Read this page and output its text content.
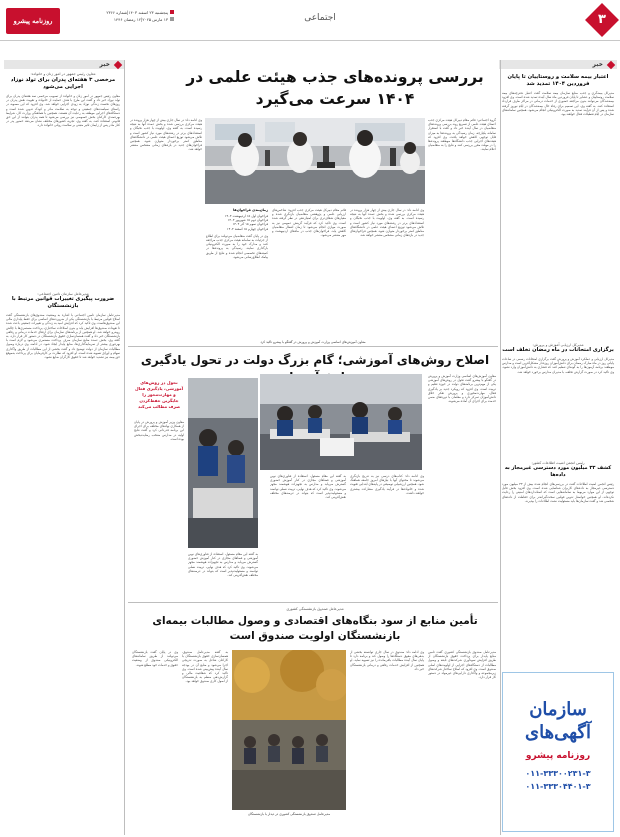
۳
اجتماعی
روزنامه پیشرو
پنجشنبه ۲۳ اسفند ۱۴۰۳|شماره ۲۳۶۶
۱۳ مارس ۲۰۲۵|۱۲ رمضان ۱۴۴۶
خبر
اعتبار بیمه سلامت و روستاییان تا پایان فروردین ۱۴۰۴ تمدید شد
مدیرکل بیمه‌گری و جذب منابع سازمان بیمه سلامت گفت اعتبار دفترچه‌های بیمه سلامت روستاییان و عشایر تا پایان فروردین ماه سال آینده تمدید شده است. وی افزود بیمه‌شدگان می‌توانند بدون مراجعه حضوری از خدمات درمانی در مراکز طرف قرارداد استفاده کنند. به گفته وی، این تصمیم برای رفاه حال بیمه‌شدگان در ایام نوروز گرفته شده و پس از آن فرآیند تمدید به صورت الکترونیکی انجام می‌شود. همچنین سامانه‌های سازمان در ایام تعطیلات فعال خواهند بود.
مدیرکل ارزیابی آموزش و پرورش:
برگزاری امتحانات در ماه رمضان تخلف است
مدیرکل ارزیابی و عملکرد آموزش و پرورش گفت برگزاری امتحانات رسمی در ساعات پایانی روز در ماه مبارک رمضان برای دانش‌آموزان روزه‌دار مشکل‌آفرین است و مدارس موظفند برنامه آزمون‌ها را به گونه‌ای تنظیم کنند که فشاری به دانش‌آموزان وارد نشود. وی تاکید کرد در صورت گزارش تخلف، با مدیران مدارس برخورد خواهد شد.
رئیس انجمن امنیت اطلاعات کشور:
کشف ۳۳ میلیون مورد دسترسی غیرمجاز به داده‌ها
رئیس انجمن امنیت اطلاعات گفت در بررسی‌های انجام شده بیش از ۳۳ میلیون مورد دسترسی غیرمجاز به داده‌های کاربران شناسایی شده است. وی افزود بخش قابل توجهی از این موارد مربوط به سامانه‌هایی است که استانداردهای امنیتی را رعایت نکرده‌اند. او همچنین خواستار تدوین قوانین سخت‌گیرانه‌تر برای حفاظت از داده‌های شخصی شد و گفت سازمان‌ها باید مسئولیت نشت اطلاعات را بپذیرند.
سازمان
آگهی‌های
روزنامه پیشرو
۰۱۱-۳۳۳۰۰۲۳۱-۳
۰۱۱-۳۳۳۰۴۴۰۱-۳
خبر
معاون رئیس جمهور در امور زنان و خانواده:
مرخصی ۳ هفته‌ای پدران برای تولد نوزاد اجرایی می‌شود
معاون رئیس جمهور در امور زنان و خانواده از تصویب مرخصی سه هفته‌ای پدران برای تولد نوزاد خبر داد و گفت این طرح با هدف حمایت از خانواده و تقویت نقش پدران در روزهای نخست زندگی نوزاد به زودی اجرایی خواهد شد. وی افزود که این مصوبه در راستای سیاست‌های جمعیتی و توجه به سلامت مادر و کودک تدوین شده است و دستگاه‌های اجرایی موظف به رعایت آن هستند. همچنین با هماهنگی وزارت کار، شرایط بهره‌مندی کارکنان بخش خصوصی نیز بررسی می‌شود تا همه پدران بتوانند از این حق قانونی استفاده کنند. به گفته وی، تجربه کشورهای مختلف نشان می‌دهد حضور پدر در کنار مادر پس از زایمان تاثیر مثبتی بر سلامت روانی خانواده دارد.
مدیرعامل سازمان تامین اجتماعی:
ضرورت پیگیری تغییرات قوانین مرتبط با بازنشستگان
مدیرعامل سازمان تامین اجتماعی با اشاره به وضعیت صندوق‌های بازنشستگی گفت اصلاح قوانین مرتبط با بازنشستگی یکی از ضرورت‌های اساسی برای حفظ پایداری مالی این صندوق‌هاست. وی تاکید کرد که افزایش امید به زندگی و تغییرات جمعیتی باعث شده تا تعهدات صندوق‌ها افزایش یابد و بدون اصلاحات ساختاری، پرداخت مستمری‌ها با چالش روبه‌رو خواهد شد. او همچنین از برنامه‌های سازمان برای ارتقای خدمات درمانی و رفاهی بازنشستگان خبر داد و گفت همسان‌سازی حقوق بازنشستگان در دستور کار قرار دارد. به گفته وی، بخش عمده منابع سازمان صرف پرداخت مستمری می‌شود و لازم است با بهره‌وری بیشتر از سرمایه‌گذاری‌ها، منابع پایدار ایجاد شود. در ادامه، وی درباره وصول مطالبات سازمان از دولت توضیح داد و گفت بخشی از این مطالبات از طریق واگذاری سهام و اوراق تسویه شده است. او افزود که نظارت بر کارفرمایان برای پرداخت به‌موقع حق بیمه نیز تشدید خواهد شد تا حقوق کارگران ضایع نشود.
بررسی پرونده‌های جذب هیئت علمی در ۱۴۰۴ سرعت می‌گیرد
گروه اجتماعی: قائم مقام دبیرکل هیئت مرکزی جذب اعضای هیئت علمی از تسریع روند بررسی پرونده‌های متقاضیان در سال آینده خبر داد و گفت با استقرار سامانه یکپارچه، زمان رسیدگی به پرونده‌ها به میزان قابل توجهی کاهش خواهد یافت. وی افزود که هیئت‌های اجرایی جذب دانشگاه‌ها موظفند پرونده‌ها را در مهلت مقرر بررسی کنند و نتایج را به متقاضیان اعلام نمایند.
وی ادامه داد: در سال جاری بیش از چهار هزار پرونده در هیئت مرکزی بررسی شده و بخش عمده آنها به نتیجه رسیده است. به گفته وی، اولویت با جذب نخبگان و استعدادهای برتر در رشته‌های مورد نیاز کشور است و تلاش می‌شود توزیع اعضای هیئت علمی در دانشگاه‌های مناطق کمتر برخوردار متوازن شود. همچنین فراخوان‌های جدید در بازه‌های زمانی مشخص منتشر خواهد شد.
قائم مقام دبیرکل هیئت مرکزی جذب افزود: شاخص‌های ارزیابی علمی و پژوهشی متقاضیان بازنگری شده و معیارهای شفاف‌تری برای امتیازدهی در نظر گرفته شده است. وی تاکید کرد که فرآیند گزینش عمومی نیز به صورت موازی انجام می‌شود تا زمان انتظار متقاضیان کاهش یابد. فراخوان‌های جذب در ماه‌های اردیبهشت و مهر منتشر می‌شود.
زمان‌بندی فراخوان‌ها
فراخوان اول ۱۵ اردیبهشت ۱۴۰۴
فراخوان دوم ۱۵ شهریور ۱۴۰۴
فراخوان سوم ۱۵ آذر ۱۴۰۴
فراخوان چهارم ۱۵ اسفند ۱۴۰۴
وی در پایان گفت متقاضیان می‌توانند برای اطلاع از جزئیات به سامانه هیئت مرکزی جذب مراجعه کنند و مدارک خود را به صورت الکترونیکی بارگذاری نمایند. رسیدگی به پرونده‌ها در کمیته‌های تخصصی انجام شده و نتایج از طریق پیامک اطلاع‌رسانی می‌شود.
وی ادامه داد: در سال جاری بیش از چهار هزار پرونده در هیئت مرکزی بررسی شده و بخش عمده آنها به نتیجه رسیده است. به گفته وی، اولویت با جذب نخبگان و استعدادهای برتر در رشته‌های مورد نیاز کشور است و تلاش می‌شود توزیع اعضای هیئت علمی در دانشگاه‌های مناطق کمتر برخوردار متوازن شود. همچنین فراخوان‌های جدید در بازه‌های زمانی مشخص منتشر خواهد شد.
معاون آموزش‌های اساسی وزارت آموزش و پرورش در گفتگو با پیشرو تاکید کرد
اصلاح روش‌های آموزشی؛ گام بزرگ دولت در تحول یادگیری
معاون آموزش‌های اساسی وزارت آموزش و پرورش در گفتگو با پیشرو گفت تحول در روش‌های آموزشی یکی از مهم‌ترین برنامه‌های دولت در حوزه تعلیم و تربیت است. وی افزود که رویکرد جدید بر یادگیری فعال، مهارت‌محوری و پرورش تفکر خلاق دانش‌آموزان تمرکز دارد و معلمان با دوره‌های ضمن خدمت برای اجرای آن آماده می‌شوند.
وی ادامه داد: کتاب‌های درسی نیز به تدریج بازنگری می‌شوند تا محتوای آنها با نیازهای امروز جامعه هماهنگ شود. همچنین ارزشیابی توصیفی در پایه‌های ابتدایی تقویت شده و خانواده‌ها در فرآیند یادگیری مشارکت بیشتری خواهند داشت.
به گفته این مقام مسئول، استفاده از فناوری‌های نوین آموزشی و فضاهای مجازی در کنار آموزش حضوری گسترش می‌یابد و مدارس به تجهیزات هوشمند مجهز می‌شوند. وی تاکید کرد که هدف نهایی، تربیت نسلی توانمند و مسئولیت‌پذیر است که بتواند در عرصه‌های مختلف نقش‌آفرینی کند.
تحول در روش‌های آموزشی، یادگیری فعال و مهارت‌محور را جایگزین حفظ‌کردن صرف مطالب می‌کند
معاون وزیر آموزش و پرورش در پایان از همکاری نهادهای مختلف برای اجرای این برنامه قدردانی کرد و گفت نتایج اولیه در مدارس منتخب رضایت‌بخش بوده است.
به گفته این مقام مسئول، استفاده از فناوری‌های نوین آموزشی و فضاهای مجازی در کنار آموزش حضوری گسترش می‌یابد و مدارس به تجهیزات هوشمند مجهز می‌شوند. وی تاکید کرد که هدف نهایی، تربیت نسلی توانمند و مسئولیت‌پذیر است که بتواند در عرصه‌های مختلف نقش‌آفرینی کند.
مدیرعامل صندوق بازنشستگی کشوری
تأمین منابع از سود بنگاه‌های اقتصادی و وصول مطالبات بیمه‌ای بازنشستگان اولویت صندوق است
مدیرعامل صندوق بازنشستگی کشوری گفت تامین منابع پایدار برای پرداخت حقوق بازنشستگان از طریق افزایش سودآوری شرکت‌های تابعه و وصول مطالبات از دستگاه‌های اجرایی از اولویت‌های اصلی صندوق است. وی افزود که اصلاح ساختار شرکت‌های زیرمجموعه و واگذاری دارایی‌های غیرمولد در دستور کار قرار دارد.
وی ادامه داد: صندوق در سال جاری توانسته بخشی از بدهی‌های معوق دستگاه‌ها را وصول کند و برنامه دارد تا پایان سال آینده مطالبات باقی‌مانده را نیز تسویه نماید. او همچنین از افزایش خدمات رفاهی و درمانی بازنشستگان خبر داد.
مدیرعامل صندوق بازنشستگی کشوری در دیدار با بازنشستگان
به گفته مدیرعامل صندوق، همسان‌سازی حقوق بازنشستگان با کارکنان شاغل به صورت تدریجی اجرا می‌شود و منابع آن در بودجه سال آینده پیش‌بینی شده است. وی تاکید کرد که شفافیت مالی و گزارش‌دهی منظم به بازنشستگان از اصول کاری صندوق خواهد بود.
وی در پایان گفت بازنشستگان می‌توانند از طریق سامانه‌های الکترونیکی صندوق از وضعیت حقوق و خدمات خود مطلع شوند.
